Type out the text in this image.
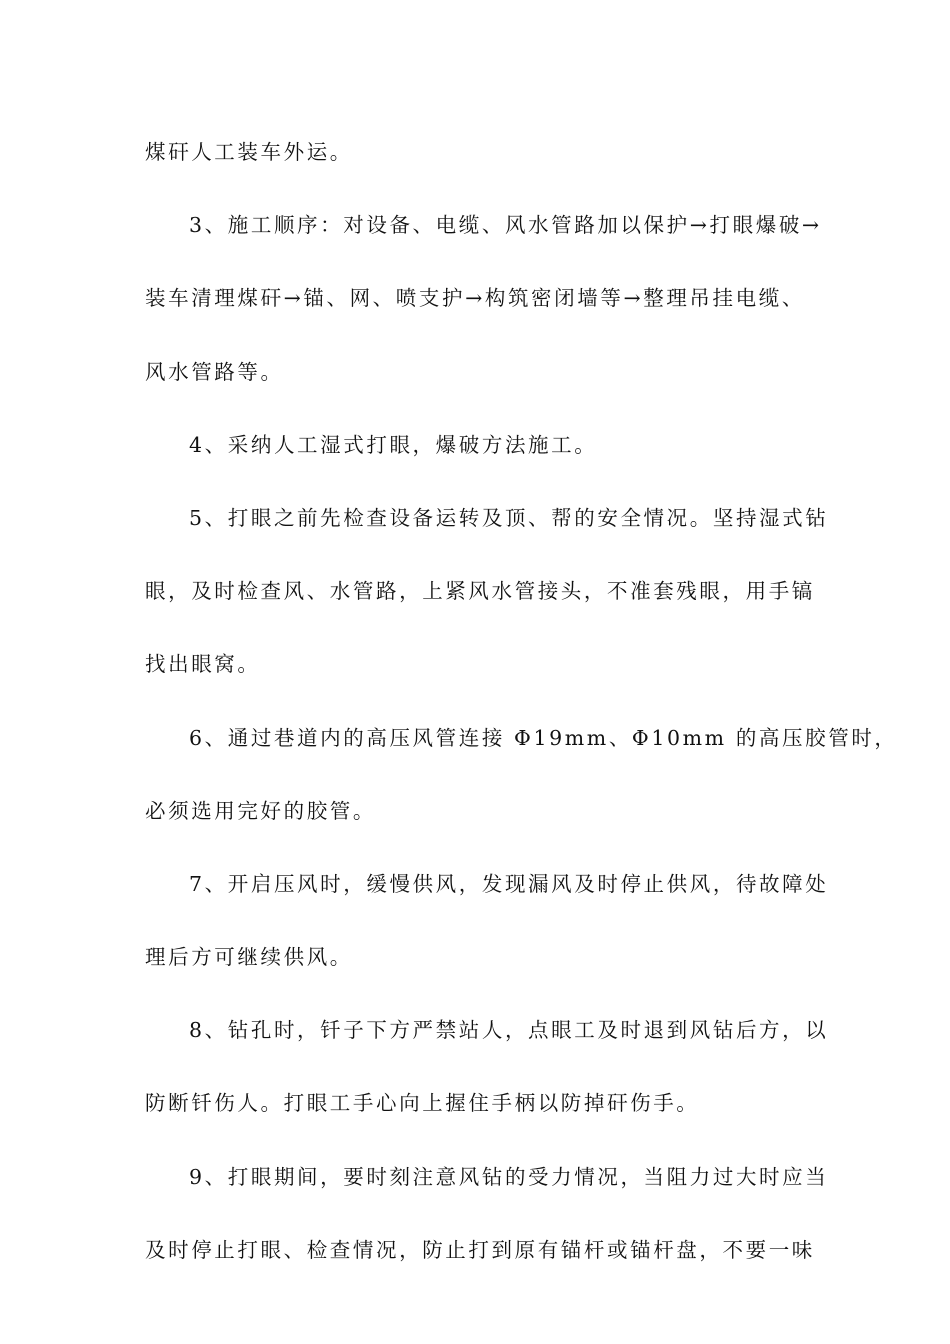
煤矸人工装车外运。
3、施工顺序：对设备、电缆、风水管路加以保护→打眼爆破→
装车清理煤矸→锚、网、喷支护→构筑密闭墙等→整理吊挂电缆、
风水管路等。
4、采纳人工湿式打眼，爆破方法施工。
5、打眼之前先检查设备运转及顶、帮的安全情况。坚持湿式钻
眼，及时检查风、水管路，上紧风水管接头，不准套残眼，用手镐
找出眼窝。
6、通过巷道内的高压风管连接 Φ19mm、Φ10mm 的高压胶管时，
必须选用完好的胶管。
7、开启压风时，缓慢供风，发现漏风及时停止供风，待故障处
理后方可继续供风。
8、钻孔时，钎子下方严禁站人，点眼工及时退到风钻后方，以
防断钎伤人。打眼工手心向上握住手柄以防掉矸伤手。
9、打眼期间，要时刻注意风钻的受力情况，当阻力过大时应当
及时停止打眼、检查情况，防止打到原有锚杆或锚杆盘，不要一味
